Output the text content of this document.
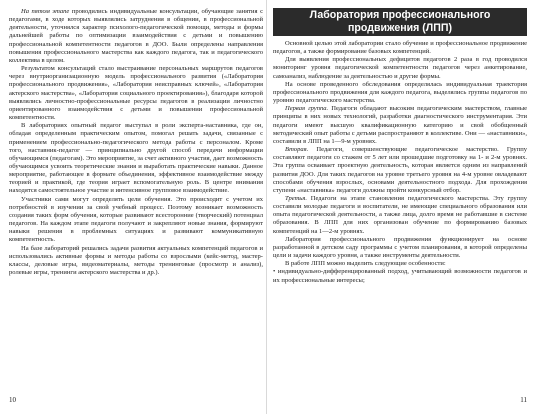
На пятом этапе проводились индивидуальные консультации, обучающие занятия с педагогами, в ходе которых выявлялись затруднения в общении, в профессиональной деятельности, уточнялся характер психолого-педагогической помощи, методы и формы дальнейшей работы по оптимизации взаимодействия с детьми и повышению профессиональной компетентности педагогов в ДОО. Были определены направления повышения профессионального мастерства как каждого педагога, так и педагогического коллектива в целом.

Результатом консультаций стало выстраивание персональных маршрутов педагогов через внутриорганизационную модель профессионального развития («Лаборатория профессионального продвижения», «Лаборатория неисправных ключей», «Лаборатория актерского мастерства», «Лаборатория социального проектирования»), благодаря которой выявлялись личностно-профессиональные ресурсы педагогов в реализации личностно ориентированного взаимодействия с детьми и повышении профессиональной компетентности.

В лабораториях опытный педагог выступал в роли эксперта-наставника, где он, обладая определенным практическим опытом, помогал решать задачи, связанные с применением профессионально-педагогического метода работы с персоналом. Кроме того, наставник-педагог — принципиально другой способ передачи информации обучающимся (педагогам). Это мероприятие, за счет активного участия, дает возможность обучающимся усвоить теоретические знания и выработать практические навыки. Данное мероприятие, работающее в формате объединения, эффективное взаимодействие между теорией и практикой, где теория играет вспомогательную роль. В центре внимания находятся самостоятельное участие и интенсивное групповое взаимодействие.

Участники сами могут определять цели обучения. Это происходит с учетом их потребностей в изучении за свой учебный процесс. Поэтому возникает возможность создания таких форм обучения, которые развивают всесторонние (творческий) потенциал педагогов. На каждом этапе педагоги получают и закрепляют новые знания, формируют навыки решения в проблемных ситуациях и развивают коммуникативную компетентность.

На базе лабораторий решались задачи развития актуальных компетенций педагогов и использовались активные формы и методы работы со взрослыми (кейс-метод, мастер-классы, деловые игры, видеоматериалы, методы тренинговые (просмотр и анализ), ролевые игры, тренинги актерского мастерства и др.).

10
Лаборатория профессионального продвижения (ЛПП)

Основной целью этой лаборатории стало обучение и профессиональное продвижение педагогов, а также формирование базовых компетенций.

Для выявления профессиональных дефицитов педагогов 2 раза в год проводился мониторинг уровня педагогической компетентности педагогов через анкетирование, самоанализ, наблюдение за деятельностью и другие формы.

На основе проведенного обследования определялась индивидуальная траектория профессионального продвижения для каждого педагога, выделялись группы педагогов по уровню педагогического мастерства.

Первая группа. Педагоги обладают высоким педагогическим мастерством, главные принципы в них новых технологий, разработки диагностического инструментария. Эти педагоги имеют высшую квалификационную категорию и свой обобщенный методический опыт работы с детьми распространяют в коллективе. Они — «наставники», составили в ЛПП на 1—9-м уровнях.

Вторая. Педагоги, совершенствующие педагогическое мастерство. Группу составляют педагоги со стажем от 5 лет или прошедшие подготовку на 1- и 2-м уровнях. Эта группа осваивает проектную деятельность, которая является одним из направлений развития ДОО. Для таких педагогов на уровне третьего уровня на 4-м уровне овладевают способами обучения взрослых, основами деятельностного подхода. Для прохождения ступени «наставника» педагоги должны пройти конкурсный отбор.

Третья. Педагоги на этапе становления педагогического мастерства. Эту группу составили молодые педагоги и воспитатели, не имеющие специального образования или опыта педагогической деятельности, а также лица, долго время не работавшие в системе образования. В ЛПП для них организован обучение по формированию базовых компетенций на 1—2-м уровнях.

Лаборатория профессионального продвижения функционирует на основе разработанной в детском саду программы с учетом планирования, в которой определены цели и задачи каждого уровня, а также инструменты деятельности.

В работе ЛПП можно выделить следующие особенности:

• индивидуально-дифференцированный подход, учитывающий возможности педагогов и их профессиональные интересы;

11
